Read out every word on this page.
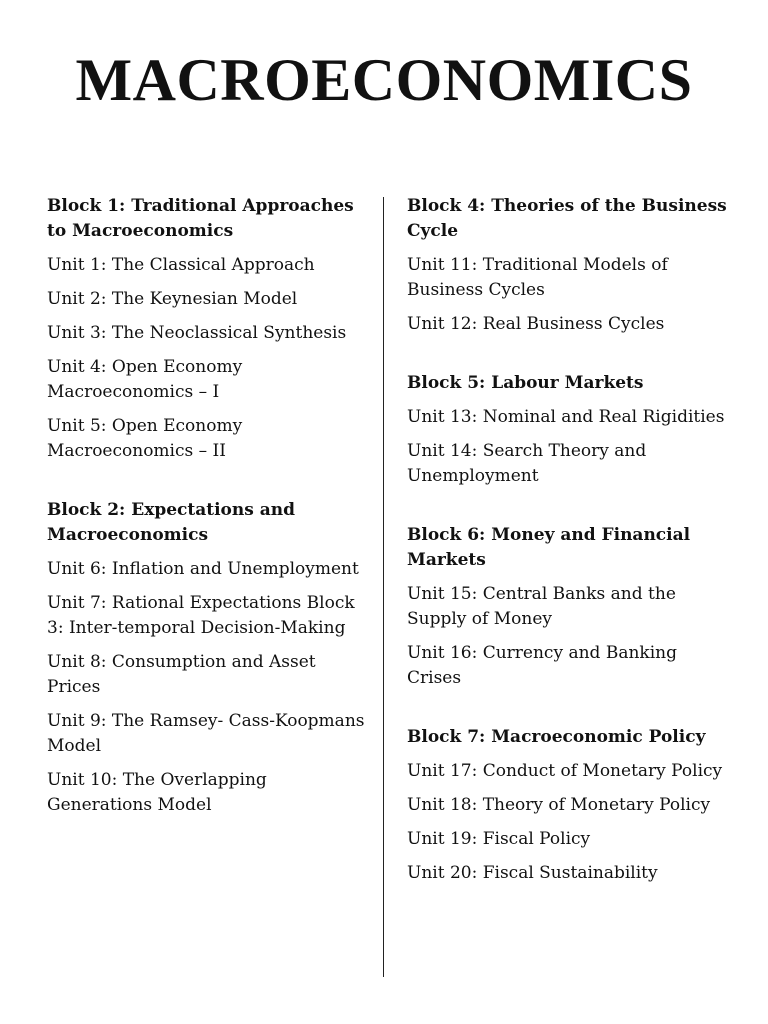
MACROECONOMICS
Block 1: Traditional Approaches to Macroeconomics
Unit 1: The Classical Approach
Unit 2: The Keynesian Model
Unit 3: The Neoclassical Synthesis
Unit 4: Open Economy Macroeconomics – I
Unit 5: Open Economy Macroeconomics – II
Block 2: Expectations and Macroeconomics
Unit 6: Inflation and Unemployment
Unit 7: Rational Expectations Block 3: Inter-temporal Decision-Making
Unit 8: Consumption and Asset Prices
Unit 9: The Ramsey- Cass-Koopmans Model
Unit 10: The Overlapping Generations Model
Block 4: Theories of the Business Cycle
Unit 11: Traditional Models of Business Cycles
Unit 12: Real Business Cycles
Block 5: Labour Markets
Unit 13: Nominal and Real Rigidities
Unit 14: Search Theory and Unemployment
Block 6: Money and Financial Markets
Unit 15: Central Banks and the Supply of Money
Unit 16: Currency and Banking Crises
Block 7: Macroeconomic Policy
Unit 17: Conduct of Monetary Policy
Unit 18: Theory of Monetary Policy
Unit 19: Fiscal Policy
Unit 20: Fiscal Sustainability
